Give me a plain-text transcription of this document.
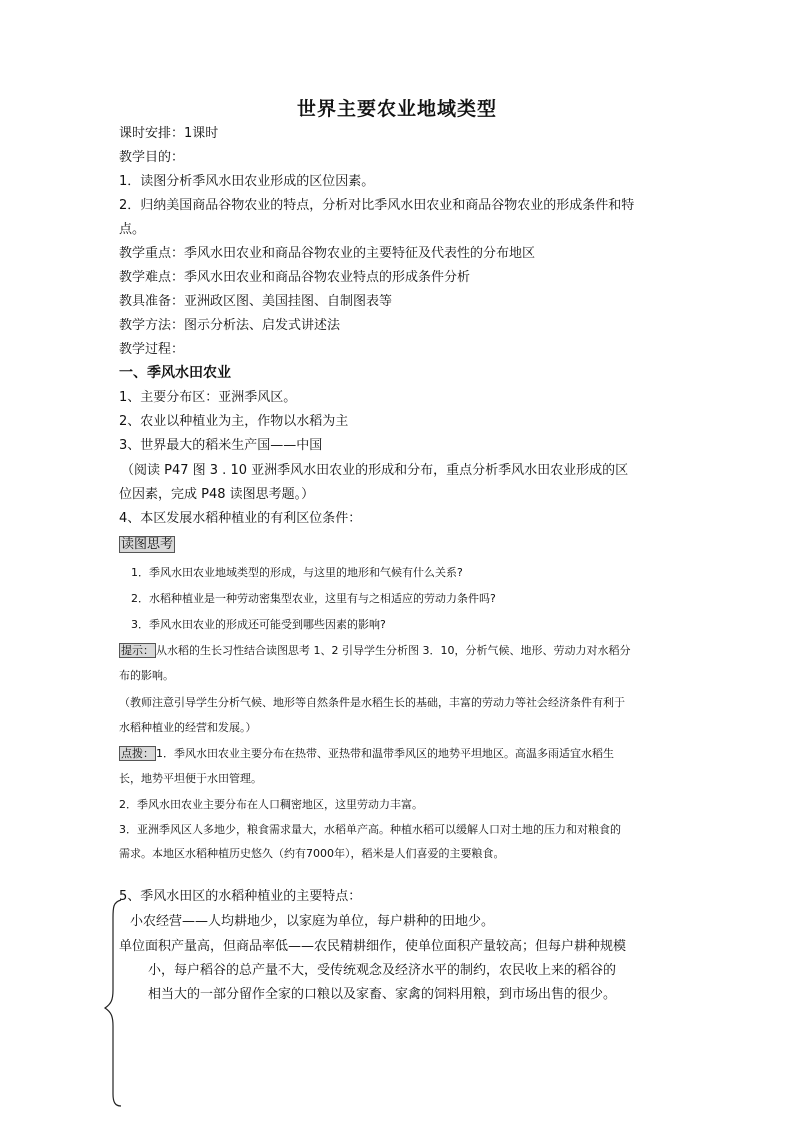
世界主要农业地域类型
课时安排：1课时
教学目的：
1．读图分析季风水田农业形成的区位因素。
2．归纳美国商品谷物农业的特点，分析对比季风水田农业和商品谷物农业的形成条件和特
点。
教学重点：季风水田农业和商品谷物农业的主要特征及代表性的分布地区
教学难点：季风水田农业和商品谷物农业特点的形成条件分析
教具准备：亚洲政区图、美国挂图、自制图表等
教学方法：图示分析法、启发式讲述法
教学过程：
一、季风水田农业
1、主要分布区：亚洲季风区。
2、农业以种植业为主，作物以水稻为主
3、世界最大的稻米生产国——中国
（阅读 P47 图 3 . 10 亚洲季风水田农业的形成和分布，重点分析季风水田农业形成的区
位因素，完成 P48 读图思考题。）
4、本区发展水稻种植业的有利区位条件：
读图思考
1．季风水田农业地域类型的形成，与这里的地形和气候有什么关系?
2．水稻种植业是一种劳动密集型农业，这里有与之相适应的劳动力条件吗?
3．季风水田农业的形成还可能受到哪些因素的影响?
提示： 从水稻的生长习性结合读图思考 1、2 引导学生分析图 3．10，分析气候、地形、劳动力对水稻分
布的影响。
（教师注意引导学生分析气候、地形等自然条件是水稻生长的基础，丰富的劳动力等社会经济条件有利于
水稻种植业的经营和发展。）
点拨： 1．季风水田农业主要分布在热带、亚热带和温带季风区的地势平坦地区。高温多雨适宜水稻生
长，地势平坦便于水田管理。
2．季风水田农业主要分布在人口稠密地区，这里劳动力丰富。
3．亚洲季风区人多地少，粮食需求量大，水稻单产高。种植水稻可以缓解人口对土地的压力和对粮食的
需求。本地区水稻种植历史悠久（约有7000年），稻米是人们喜爱的主要粮食。
5、季风水田区的水稻种植业的主要特点：
小农经营——人均耕地少，以家庭为单位，每户耕种的田地少。
单位面积产量高，但商品率低——农民精耕细作，使单位面积产量较高；但每户耕种规模
小，每户稻谷的总产量不大，受传统观念及经济水平的制约，农民收上来的稻谷的
相当大的一部分留作全家的口粮以及家畜、家禽的饲料用粮，到市场出售的很少。
